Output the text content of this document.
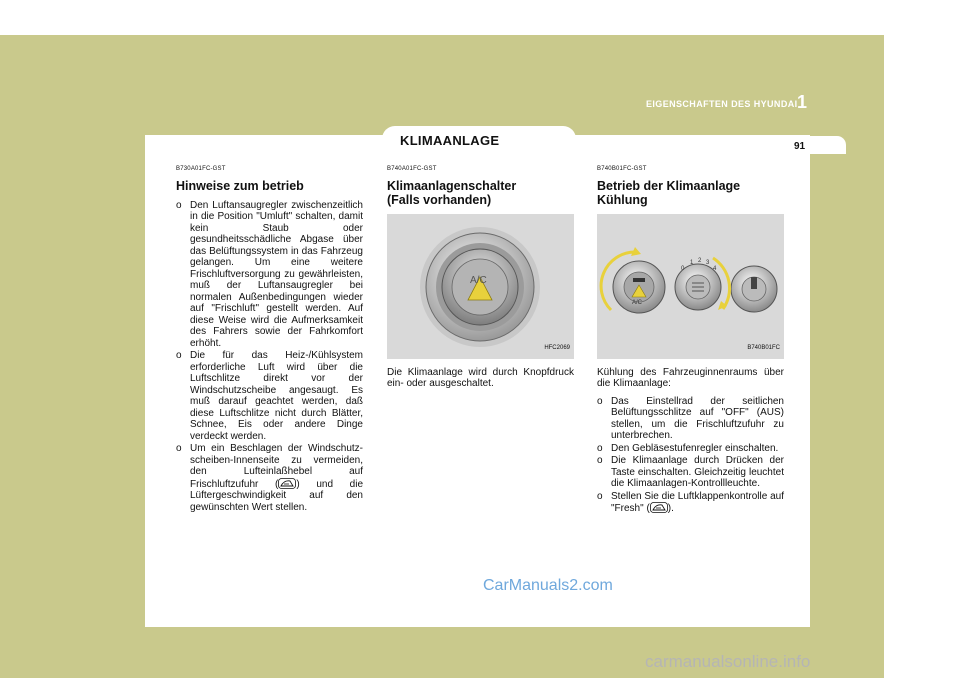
EIGENSCHAFTEN DES HYUNDAI 1
KLIMAANLAGE	91
B730A01FC-GST
Hinweise zum betrieb
o Den Luftansaugregler zwischenzeitlich in die Position "Umluft" schalten, damit kein Staub oder gesundheitsschädliche Abgase über das Belüftungssystem in das Fahrzeug gelangen. Um eine weitere Frischluftversorgung zu gewährleisten, muß der Luftansaugregler bei normalen Außenbedingungen wieder auf "Frischluft" gestellt werden. Auf diese Weise wird die Aufmerksamkeit des Fahrers sowie der Fahrkomfort erhöht.
o Die für das Heiz-/Kühlsystem erforderliche Luft wird über die Luftschlitze direkt vor der Windschutzscheibe angesaugt. Es muß darauf geachtet werden, daß diese Luftschlitze nicht durch Blätter, Schnee, Eis oder andere Dinge verdeckt werden.
o Um ein Beschlagen der Windschutz-scheiben-Innenseite zu vermeiden, den Lufteinlaßhebel auf Frischluftzufuhr ( ) und die Lüftergeschwindigkeit auf den gewünschten Wert stellen.
B740A01FC-GST
Klimaanlagenschalter
(Falls vorhanden)
A/C
HFC2069
Die Klimaanlage wird durch Knopfdruck ein- oder ausgeschaltet.
B740B01FC-GST
Betrieb der Klimaanlage
Kühlung
A/C
0
1 2 3
4
B740B01FC
Kühlung des Fahrzeuginnenraums über die Klimaanlage:
o Das Einstellrad der seitlichen Belüftungsschlitze auf "OFF" (AUS) stellen, um die Frischluftzufuhr zu unterbrechen.
o Den Gebläsestufenregler einschalten.
o Die Klimaanlage durch Drücken der Taste einschalten. Gleichzeitig leuchtet die Klimaanlagen-Kontrollleuchte.
o Stellen Sie die Luftklappenkontrolle auf "Fresh" ( ).
CarManuals2.com
carmanualsonline.info
